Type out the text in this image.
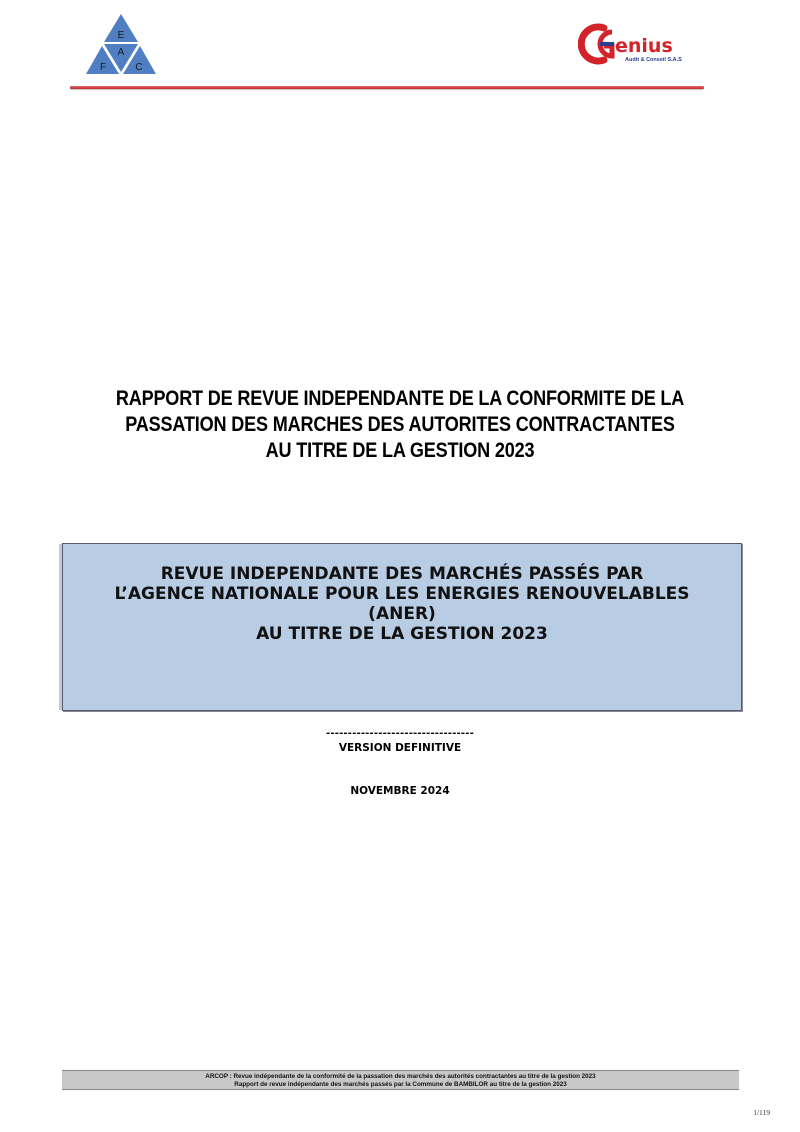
E
A
F	C
enius
Audit & Conseil S.A.S
RAPPORT DE REVUE INDEPENDANTE DE LA CONFORMITE DE LA
PASSATION DES MARCHES DES AUTORITES CONTRACTANTES
AU TITRE DE LA GESTION 2023
REVUE INDEPENDANTE DES MARCHÉS PASSÉS PAR
L’AGENCE NATIONALE POUR LES ENERGIES RENOUVELABLES
(ANER)
AU TITRE DE LA GESTION 2023
----------------------------------
VERSION DEFINITIVE
NOVEMBRE 2024
ARCOP : Revue indépendante de la conformité de la passation des marchés des autorités contractantes au titre de la gestion 2023
Rapport de revue indépendante des marchés passés par la Commune de BAMBILOR au titre de la gestion 2023
1/119
